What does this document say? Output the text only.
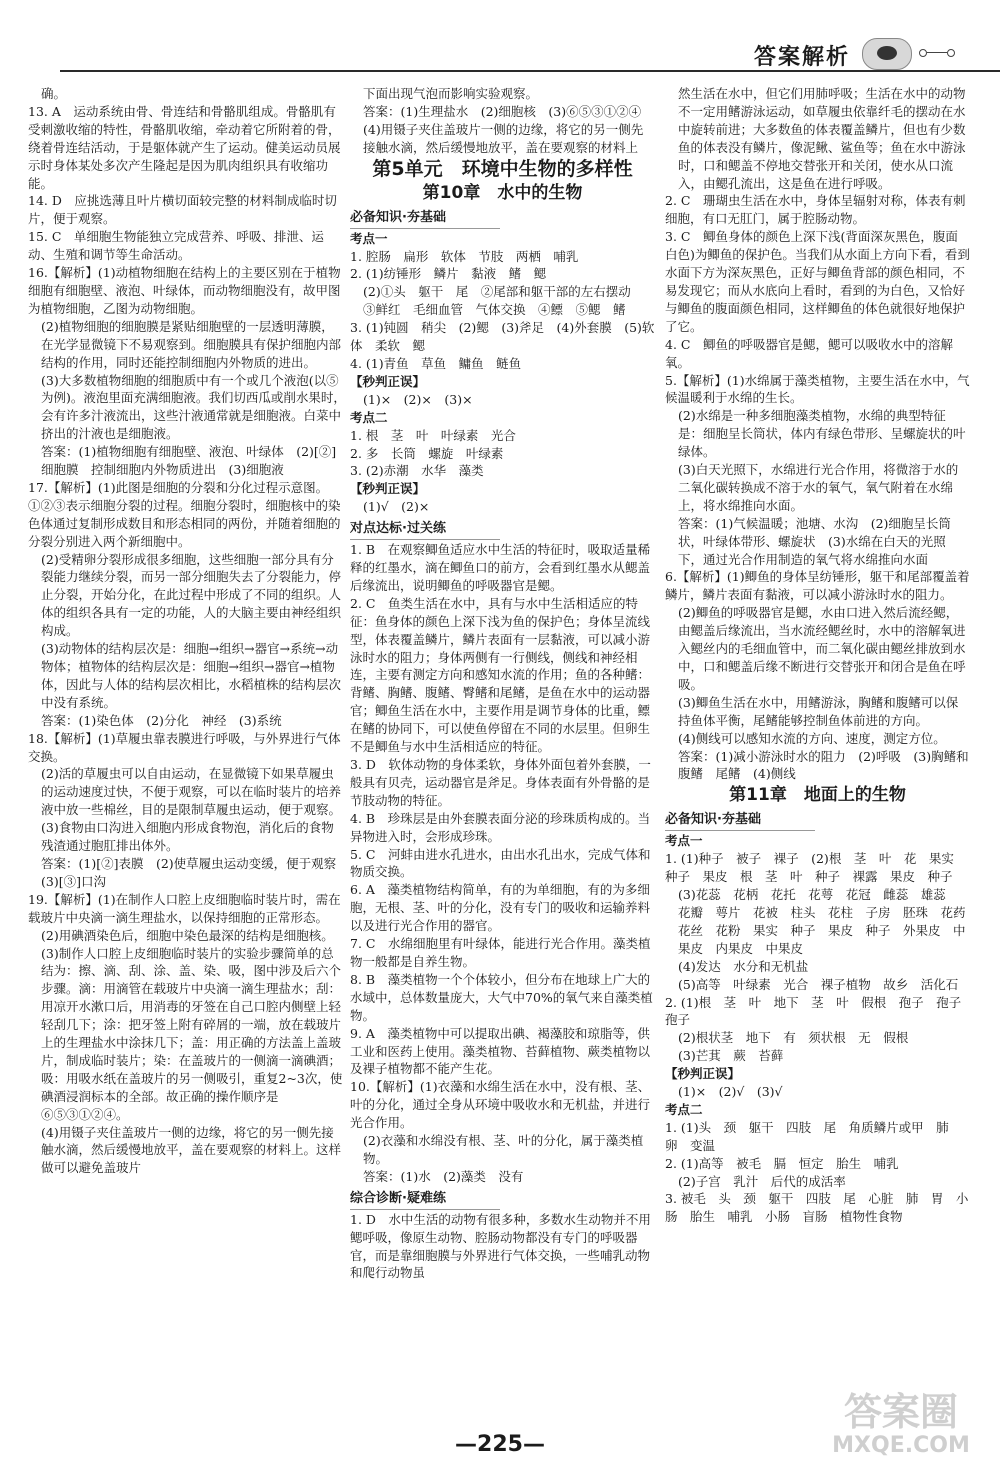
答案解析

确。

13. A　运动系统由骨、骨连结和骨骼肌组成。骨骼肌有受刺激收缩的特性，骨骼肌收缩，牵动着它所附着的骨，绕着骨连结活动，于是躯体就产生了运动。健美运动员展示时身体某处多次产生隆起是因为肌肉组织具有收缩功能。

14. D　应挑选薄且叶片横切面较完整的材料制成临时切片，便于观察。

15. C　单细胞生物能独立完成营养、呼吸、排泄、运动、生殖和调节等生命活动。

16.【解析】(1)动植物细胞在结构上的主要区别在于植物细胞有细胞壁、液泡、叶绿体，而动物细胞没有，故甲图为植物细胞，乙图为动物细胞。

(2)植物细胞的细胞膜是紧贴细胞壁的一层透明薄膜，在光学显微镜下不易观察到。细胞膜具有保护细胞内部结构的作用，同时还能控制细胞内外物质的进出。

(3)大多数植物细胞的细胞质中有一个或几个液泡(以⑤为例)。液泡里面充满细胞液。我们切西瓜或削水果时，会有许多汁液流出，这些汁液通常就是细胞液。白菜中挤出的汁液也是细胞液。

答案：(1)植物细胞有细胞壁、液泡、叶绿体　(2)[②]细胞膜　控制细胞内外物质进出　(3)细胞液

17.【解析】(1)此图是细胞的分裂和分化过程示意图。①②③表示细胞分裂的过程。细胞分裂时，细胞核中的染色体通过复制形成数目和形态相同的两份，并随着细胞的分裂分别进入两个新细胞中。

(2)受精卵分裂形成很多细胞，这些细胞一部分具有分裂能力继续分裂，而另一部分细胞失去了分裂能力，停止分裂，开始分化，在此过程中形成了不同的组织。人体的组织各具有一定的功能，人的大脑主要由神经组织构成。

(3)动物体的结构层次是：细胞→组织→器官→系统→动物体；植物体的结构层次是：细胞→组织→器官→植物体，因此与人体的结构层次相比，水稻植株的结构层次中没有系统。

答案：(1)染色体　(2)分化　神经　(3)系统

18.【解析】(1)草履虫靠表膜进行呼吸，与外界进行气体交换。

(2)活的草履虫可以自由运动，在显微镜下如果草履虫的运动速度过快，不便于观察，可以在临时装片的培养液中放一些棉丝，目的是限制草履虫运动，便于观察。

(3)食物由口沟进入细胞内形成食物泡，消化后的食物残渣通过胞肛排出体外。

答案：(1)[②]表膜　(2)使草履虫运动变缓，便于观察　(3)[③]口沟

19.【解析】(1)在制作人口腔上皮细胞临时装片时，需在载玻片中央滴一滴生理盐水，以保持细胞的正常形态。

(2)用碘酒染色后，细胞中染色最深的结构是细胞核。

(3)制作人口腔上皮细胞临时装片的实验步骤简单的总结为：擦、滴、刮、涂、盖、染、吸，图中涉及后六个步骤。滴：用滴管在载玻片中央滴一滴生理盐水；刮：用凉开水漱口后，用消毒的牙签在自己口腔内侧壁上轻轻刮几下；涂：把牙签上附有碎屑的一端，放在载玻片上的生理盐水中涂抹几下；盖：用正确的方法盖上盖玻片，制成临时装片；染：在盖玻片的一侧滴一滴碘酒；吸：用吸水纸在盖玻片的另一侧吸引，重复2~3次，使碘酒浸润标本的全部。故正确的操作顺序是⑥⑤③①②④。

(4)用镊子夹住盖玻片一侧的边缘，将它的另一侧先接触水滴，然后缓慢地放平，盖在要观察的材料上。这样做可以避免盖玻片

下面出现气泡而影响实验观察。

答案：(1)生理盐水　(2)细胞核　(3)⑥⑤③①②④　(4)用镊子夹住盖玻片一侧的边缘，将它的另一侧先接触水滴，然后缓慢地放平，盖在要观察的材料上

第5单元　环境中生物的多样性

第10章　水中的生物

必备知识·夯基础

考点一

1. 腔肠　扁形　软体　节肢　两栖　哺乳

2. (1)纺锤形　鳞片　黏液　鳍　鳃

(2)①头　躯干　尾　②尾部和躯干部的左右摆动　③鲜红　毛细血管　气体交换　④鳔　⑤鳃　鳍

3. (1)钝圆　稍尖　(2)鳃　(3)斧足　(4)外套膜　(5)软体　柔软　鳃

4. (1)青鱼　草鱼　鳙鱼　鲢鱼

【秒判正误】

(1)×　(2)×　(3)×

考点二

1. 根　茎　叶　叶绿素　光合

2. 多　长筒　螺旋　叶绿素

3. (2)赤潮　水华　藻类

【秒判正误】

(1)√　(2)×

对点达标·过关练

1. B　在观察鲫鱼适应水中生活的特征时，吸取适量稀释的红墨水，滴在鲫鱼口的前方，会看到红墨水从鳃盖后缘流出，说明鲫鱼的呼吸器官是鳃。

2. C　鱼类生活在水中，具有与水中生活相适应的特征：鱼身体的颜色上深下浅为鱼的保护色；身体呈流线型，体表覆盖鳞片，鳞片表面有一层黏液，可以减小游泳时水的阻力；身体两侧有一行侧线，侧线和神经相连，主要有测定方向和感知水流的作用；鱼的各种鳍：背鳍、胸鳍、腹鳍、臀鳍和尾鳍，是鱼在水中的运动器官；鲫鱼生活在水中，主要作用是调节身体的比重，鳔在鳍的协同下，可以使鱼停留在不同的水层里。但卵生不是鲫鱼与水中生活相适应的特征。

3. D　软体动物的身体柔软，身体外面包着外套膜，一般具有贝壳，运动器官是斧足。身体表面有外骨骼的是节肢动物的特征。

4. B　珍珠层是由外套膜表面分泌的珍珠质构成的。当异物进入时，会形成珍珠。

5. C　河蚌由进水孔进水，由出水孔出水，完成气体和物质交换。

6. A　藻类植物结构简单，有的为单细胞，有的为多细胞，无根、茎、叶的分化，没有专门的吸收和运输养料以及进行光合作用的器官。

7. C　水绵细胞里有叶绿体，能进行光合作用。藻类植物一般都是自养生物。

8. B　藻类植物一个个体较小，但分布在地球上广大的水域中，总体数量庞大，大气中70%的氧气来自藻类植物。

9. A　藻类植物中可以提取出碘、褐藻胶和琼脂等，供工业和医药上使用。藻类植物、苔藓植物、蕨类植物以及裸子植物都不能产生花。

10.【解析】(1)衣藻和水绵生活在水中，没有根、茎、叶的分化，通过全身从环境中吸收水和无机盐，并进行光合作用。

(2)衣藻和水绵没有根、茎、叶的分化，属于藻类植物。

答案：(1)水　(2)藻类　没有

综合诊断·疑难练

1. D　水中生活的动物有很多种，多数水生动物并不用鳃呼吸，像原生动物、腔肠动物都没有专门的呼吸器官，而是靠细胞膜与外界进行气体交换，一些哺乳动物和爬行动物虽

然生活在水中，但它们用肺呼吸；生活在水中的动物不一定用鳍游泳运动，如草履虫依靠纤毛的摆动在水中旋转前进；大多数鱼的体表覆盖鳞片，但也有少数鱼的体表没有鳞片，像泥鳅、鲨鱼等；鱼在水中游泳时，口和鳃盖不停地交替张开和关闭，使水从口流入，由鳃孔流出，这是鱼在进行呼吸。

2. C　珊瑚虫生活在水中，身体呈辐射对称，体表有刺细胞，有口无肛门，属于腔肠动物。

3. C　鲫鱼身体的颜色上深下浅(背面深灰黑色，腹面白色)为鲫鱼的保护色。当我们从水面上方向下看，看到水面下方为深灰黑色，正好与鲫鱼背部的颜色相同，不易发现它；而从水底向上看时，看到的为白色，又恰好与鲫鱼的腹面颜色相同，这样鲫鱼的体色就很好地保护了它。

4. C　鲫鱼的呼吸器官是鳃，鳃可以吸收水中的溶解氧。

5.【解析】(1)水绵属于藻类植物，主要生活在水中，气候温暖利于水绵的生长。

(2)水绵是一种多细胞藻类植物，水绵的典型特征是：细胞呈长筒状，体内有绿色带形、呈螺旋状的叶绿体。

(3)白天光照下，水绵进行光合作用，将微溶于水的二氧化碳转换成不溶于水的氧气，氧气附着在水绵上，将水绵推向水面。

答案：(1)气候温暖；池塘、水沟　(2)细胞呈长筒状，叶绿体带形、螺旋状　(3)水绵在白天的光照下，通过光合作用制造的氧气将水绵推向水面

6.【解析】(1)鲫鱼的身体呈纺锤形，躯干和尾部覆盖着鳞片，鳞片表面有黏液，可以减小游泳时水的阻力。

(2)鲫鱼的呼吸器官是鳃，水由口进入然后流经鳃，由鳃盖后缘流出，当水流经鳃丝时，水中的溶解氧进入鳃丝内的毛细血管中，而二氧化碳由鳃丝排放到水中，口和鳃盖后缘不断进行交替张开和闭合是鱼在呼吸。

(3)鲫鱼生活在水中，用鳍游泳，胸鳍和腹鳍可以保持鱼体平衡，尾鳍能够控制鱼体前进的方向。

(4)侧线可以感知水流的方向、速度，测定方位。

答案：(1)减小游泳时水的阻力　(2)呼吸　(3)胸鳍和腹鳍　尾鳍　(4)侧线

第11章　地面上的生物

必备知识·夯基础

考点一

1. (1)种子　被子　裸子　(2)根　茎　叶　花　果实　种子　果皮　根　茎　叶　种子　裸露　果皮　种子

(3)花蕊　花柄　花托　花萼　花冠　雌蕊　雄蕊　花瓣　萼片　花被　柱头　花柱　子房　胚珠　花药　花丝　花粉　果实　种子　果皮　种子　外果皮　中果皮　内果皮　中果皮

(4)发达　水分和无机盐

(5)高等　叶绿素　光合　裸子植物　故乡　活化石

2. (1)根　茎　叶　地下　茎　叶　假根　孢子　孢子　孢子

(2)根状茎　地下　有　须状根　无　假根

(3)芒萁　蕨　苔藓

【秒判正误】

(1)×　(2)√　(3)√

考点二

1. (1)头　颈　躯干　四肢　尾　角质鳞片或甲　肺　卵　变温

2. (1)高等　被毛　膈　恒定　胎生　哺乳

(2)子宫　乳汁　后代的成活率

3. 被毛　头　颈　躯干　四肢　尾　心脏　肺　胃　小肠　胎生　哺乳　小肠　盲肠　植物性食物

—225—
答案圈
MXQE.COM
